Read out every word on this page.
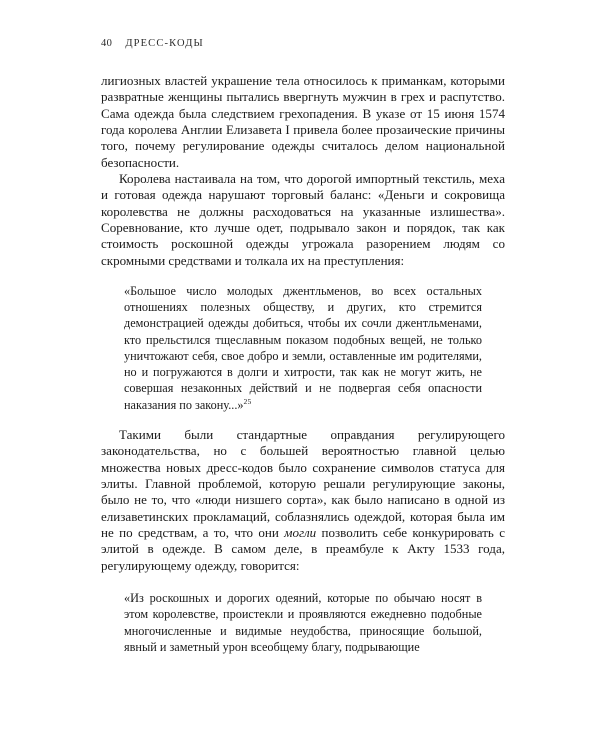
40 ДРЕСС-КОДЫ

лигиозных властей украшение тела относилось к приманкам, которыми развратные женщины пытались ввергнуть мужчин в грех и распутство. Сама одежда была следствием грехопадения. В указе от 15 июня 1574 года королева Англии Елизавета I привела более прозаические причины того, почему регулирование одежды считалось делом национальной безопасности.

Королева настаивала на том, что дорогой импортный текстиль, меха и готовая одежда нарушают торговый баланс: «Деньги и сокровища королевства не должны расходоваться на указанные излишества». Соревнование, кто лучше одет, подрывало закон и порядок, так как стоимость роскошной одежды угрожала разорением людям со скромными средствами и толкала их на преступления:

«Большое число молодых джентльменов, во всех остальных отношениях полезных обществу, и других, кто стремится демонстрацией одежды добиться, чтобы их сочли джентльменами, кто прельстился тщеславным показом подобных вещей, не только уничтожают себя, свое добро и земли, оставленные им родителями, но и погружаются в долги и хитрости, так как не могут жить, не совершая незаконных действий и не подвергая себя опасности наказания по закону...»$^{25}$

Такими были стандартные оправдания регулирующего законодательства, но с большей вероятностью главной целью множества новых дресс-кодов было сохранение символов статуса для элиты. Главной проблемой, которую решали регулирующие законы, было не то, что «люди низшего сорта», как было написано в одной из елизаветинских прокламаций, соблазнялись одеждой, которая была им не по средствам, а то, что они могли позволить себе конкурировать с элитой в одежде. В самом деле, в преамбуле к Акту 1533 года, регулирующему одежду, говорится:

«Из роскошных и дорогих одеяний, которые по обычаю носят в этом королевстве, проистекли и проявляются ежедневно подобные многочисленные и видимые неудобства, приносящие большой, явный и заметный урон всеобщему благу, подрывающие
